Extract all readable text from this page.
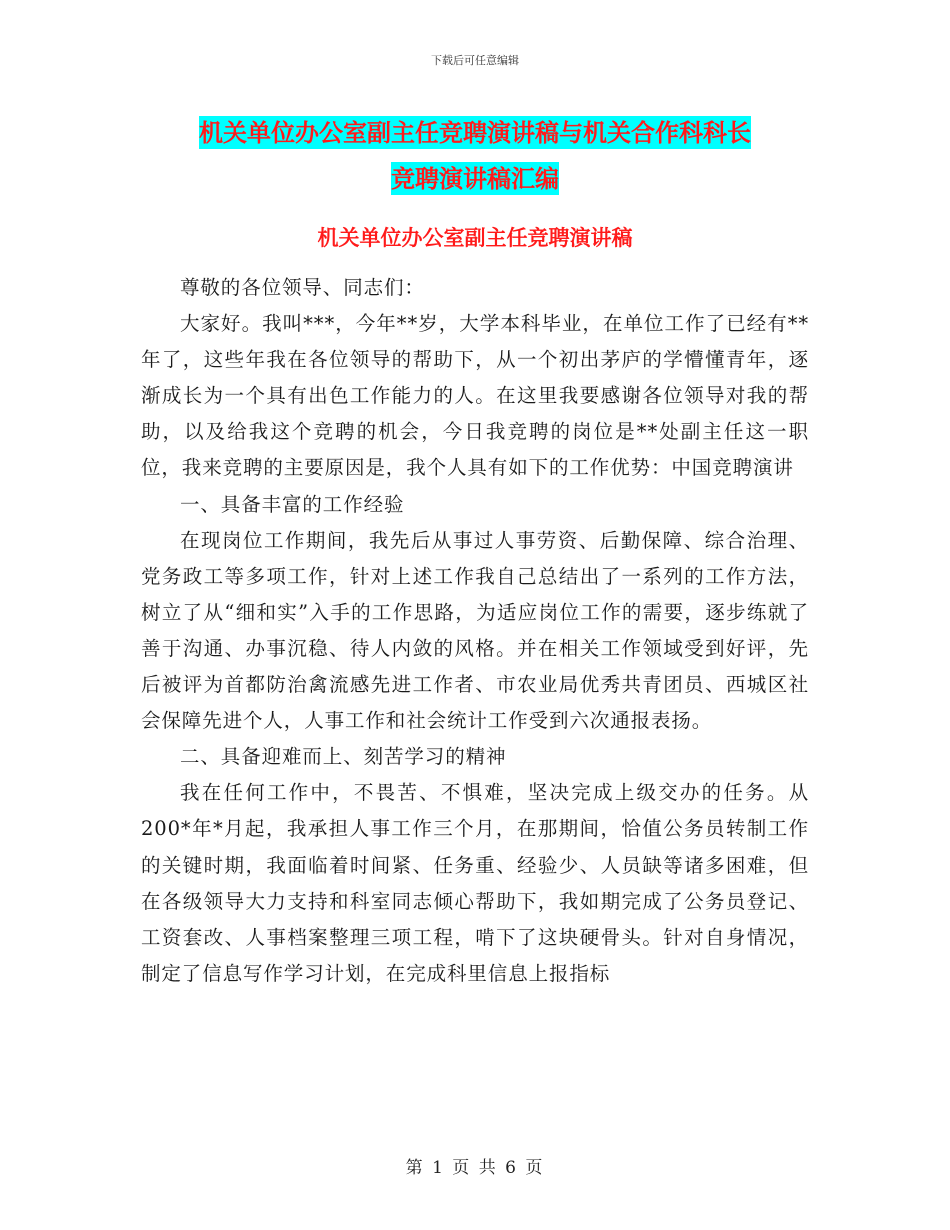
下载后可任意编辑
机关单位办公室副主任竞聘演讲稿与机关合作科科长
竞聘演讲稿汇编
机关单位办公室副主任竞聘演讲稿

尊敬的各位领导、同志们：

大家好。我叫***，今年**岁，大学本科毕业，在单位工作了已经有**年了，这些年我在各位领导的帮助下，从一个初出茅庐的学懵懂青年，逐渐成长为一个具有出色工作能力的人。在这里我要感谢各位领导对我的帮助，以及给我这个竞聘的机会，今日我竞聘的岗位是**处副主任这一职位，我来竞聘的主要原因是，我个人具有如下的工作优势：中国竞聘演讲

一、具备丰富的工作经验

在现岗位工作期间，我先后从事过人事劳资、后勤保障、综合治理、党务政工等多项工作，针对上述工作我自己总结出了一系列的工作方法，树立了从“细和实”入手的工作思路，为适应岗位工作的需要，逐步练就了善于沟通、办事沉稳、待人内敛的风格。并在相关工作领域受到好评，先后被评为首都防治禽流感先进工作者、市农业局优秀共青团员、西城区社会保障先进个人，人事工作和社会统计工作受到六次通报表扬。

二、具备迎难而上、刻苦学习的精神

我在任何工作中，不畏苦、不惧难，坚决完成上级交办的任务。从200*年*月起，我承担人事工作三个月，在那期间，恰值公务员转制工作的关键时期，我面临着时间紧、任务重、经验少、人员缺等诸多困难，但在各级领导大力支持和科室同志倾心帮助下，我如期完成了公务员登记、工资套改、人事档案整理三项工程，啃下了这块硬骨头。针对自身情况，制定了信息写作学习计划，在完成科里信息上报指标

第 1 页 共 6 页
